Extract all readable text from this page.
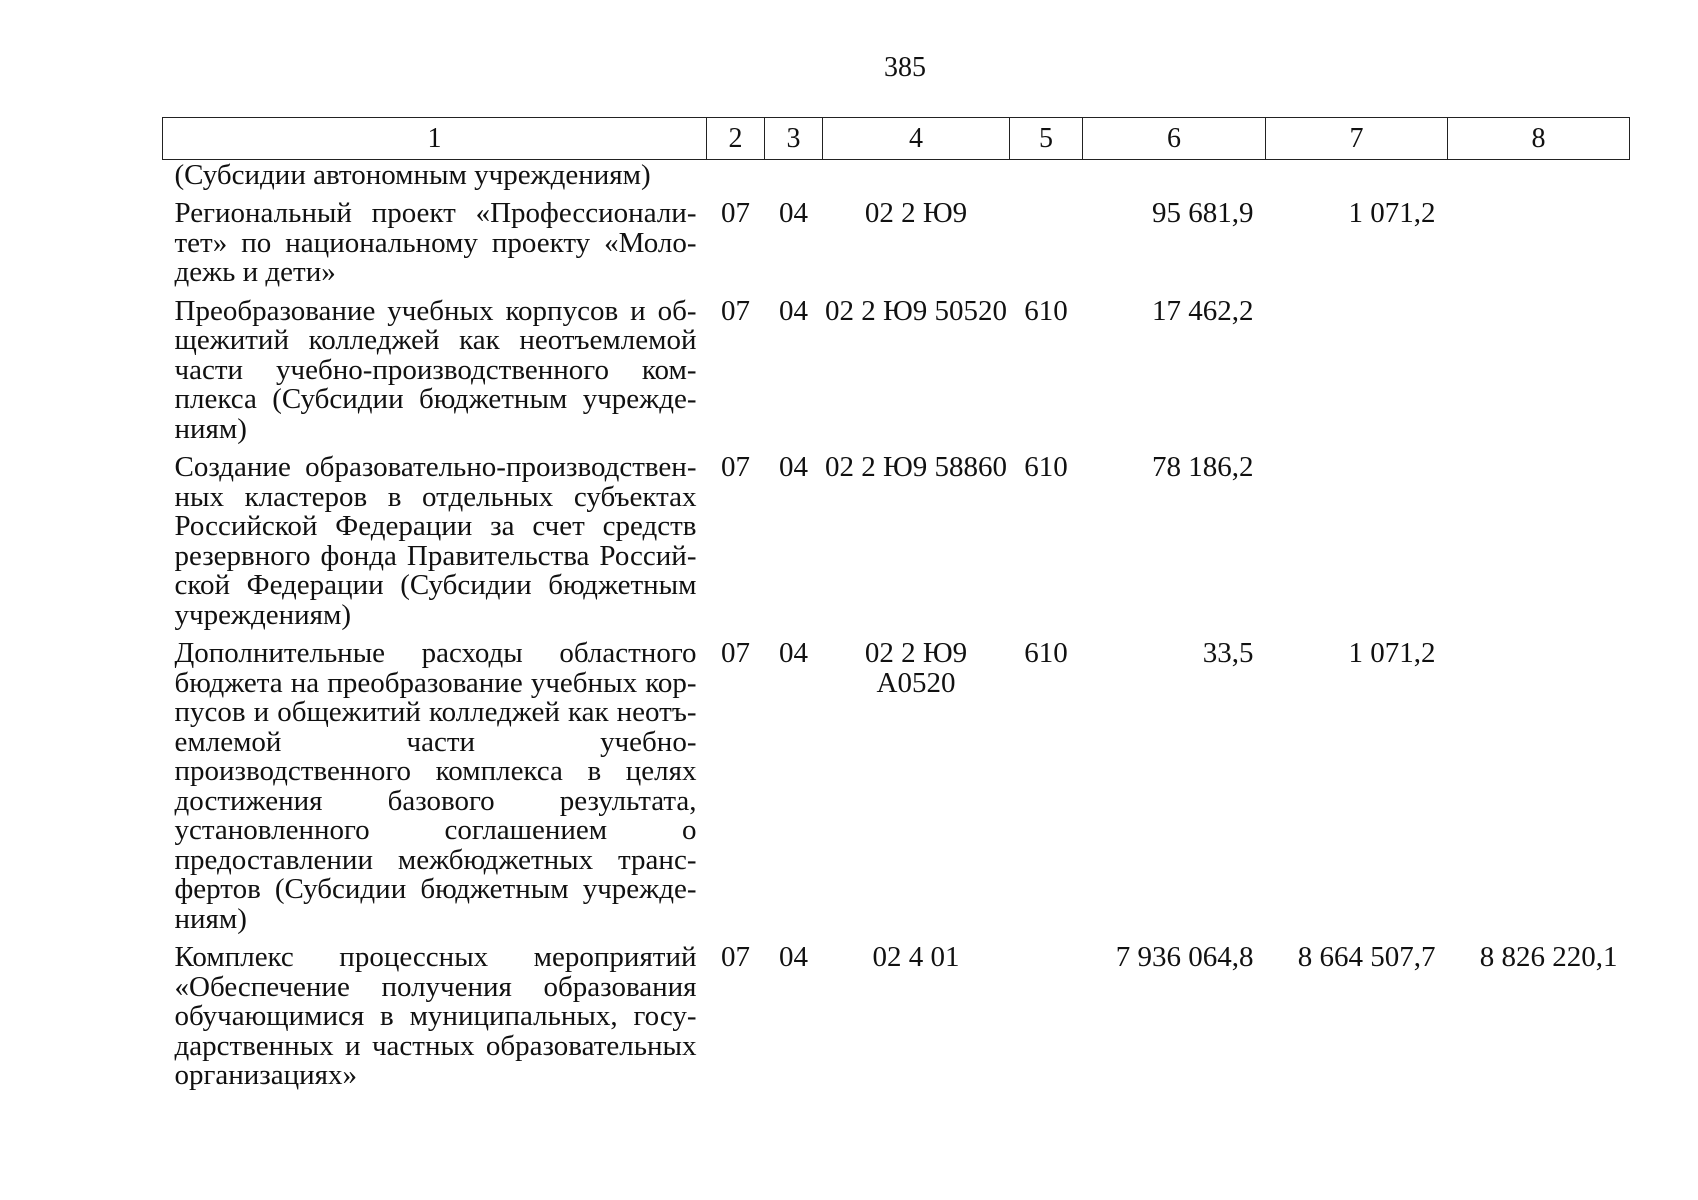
385
1	2	3	4	5	6	7	8
(Субсидии автономным учреждениям)							
Региональный проект «Профессионалитет» по национальному проекту «Молодежь и дети»	07	04	02 2 Ю9		95 681,9	1 071,2	
Преобразование учебных корпусов и общежитий колледжей как неотъемлемой части учебно-производственного комплекса (Субсидии бюджетным учреждениям)	07	04	02 2 Ю9 50520	610	17 462,2		
Создание образовательно-производственных кластеров в отдельных субъектах Российской Федерации за счет средств резервного фонда Правительства Российской Федерации (Субсидии бюджетным учреждениям)	07	04	02 2 Ю9 58860	610	78 186,2		
Дополнительные расходы областного бюджета на преобразование учебных корпусов и общежитий колледжей как неотъемлемой части учебно-производственного комплекса в целях достижения базового результата, установленного соглашением о предоставлении межбюджетных трансфертов (Субсидии бюджетным учреждениям)	07	04	02 2 Ю9 А0520	610	33,5	1 071,2	
Комплекс процессных мероприятий «Обеспечение получения образования обучающимися в муниципальных, государственных и частных образовательных организациях»	07	04	02 4 01		7 936 064,8	8 664 507,7	8 826 220,1
